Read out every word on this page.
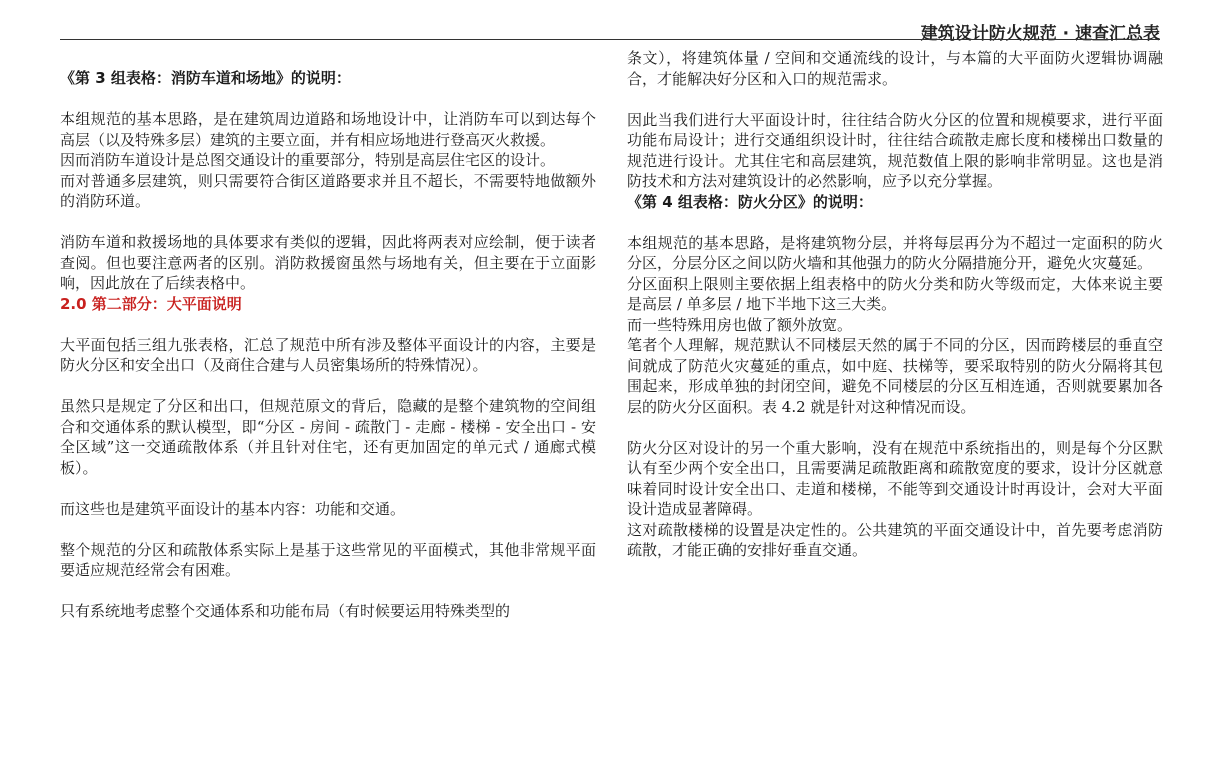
建筑设计防火规范 · 速查汇总表
《第 3 组表格：消防车道和场地》的说明：

本组规范的基本思路，是在建筑周边道路和场地设计中，让消防车可以到达每个高层（以及特殊多层）建筑的主要立面，并有相应场地进行登高灭火救援。

因而消防车道设计是总图交通设计的重要部分，特别是高层住宅区的设计。

而对普通多层建筑，则只需要符合街区道路要求并且不超长，不需要特地做额外的消防环道。

消防车道和救援场地的具体要求有类似的逻辑，因此将两表对应绘制，便于读者查阅。但也要注意两者的区别。消防救援窗虽然与场地有关，但主要在于立面影响，因此放在了后续表格中。

2.0 第二部分：大平面说明

大平面包括三组九张表格，汇总了规范中所有涉及整体平面设计的内容，主要是防火分区和安全出口（及商住合建与人员密集场所的特殊情况）。

虽然只是规定了分区和出口，但规范原文的背后，隐藏的是整个建筑物的空间组合和交通体系的默认模型，即“分区 - 房间 - 疏散门 - 走廊 - 楼梯 - 安全出口 - 安全区域”这一交通疏散体系（并且针对住宅，还有更加固定的单元式 / 通廊式模板）。

而这些也是建筑平面设计的基本内容：功能和交通。

整个规范的分区和疏散体系实际上是基于这些常见的平面模式，其他非常规平面要适应规范经常会有困难。

只有系统地考虑整个交通体系和功能布局（有时候要运用特殊类型的

条文），将建筑体量 / 空间和交通流线的设计，与本篇的大平面防火逻辑协调融合，才能解决好分区和入口的规范需求。

因此当我们进行大平面设计时，往往结合防火分区的位置和规模要求，进行平面功能布局设计；进行交通组织设计时，往往结合疏散走廊长度和楼梯出口数量的规范进行设计。尤其住宅和高层建筑，规范数值上限的影响非常明显。这也是消防技术和方法对建筑设计的必然影响，应予以充分掌握。

《第 4 组表格：防火分区》的说明：

本组规范的基本思路，是将建筑物分层，并将每层再分为不超过一定面积的防火分区，分层分区之间以防火墙和其他强力的防火分隔措施分开，避免火灾蔓延。

分区面积上限则主要依据上组表格中的防火分类和防火等级而定，大体来说主要是高层 / 单多层 / 地下半地下这三大类。

而一些特殊用房也做了额外放宽。

笔者个人理解，规范默认不同楼层天然的属于不同的分区，因而跨楼层的垂直空间就成了防范火灾蔓延的重点，如中庭、扶梯等，要采取特别的防火分隔将其包围起来，形成单独的封闭空间，避免不同楼层的分区互相连通，否则就要累加各层的防火分区面积。表 4.2 就是针对这种情况而设。

防火分区对设计的另一个重大影响，没有在规范中系统指出的，则是每个分区默认有至少两个安全出口，且需要满足疏散距离和疏散宽度的要求，设计分区就意味着同时设计安全出口、走道和楼梯，不能等到交通设计时再设计，会对大平面设计造成显著障碍。

这对疏散楼梯的设置是决定性的。公共建筑的平面交通设计中，首先要考虑消防疏散，才能正确的安排好垂直交通。
